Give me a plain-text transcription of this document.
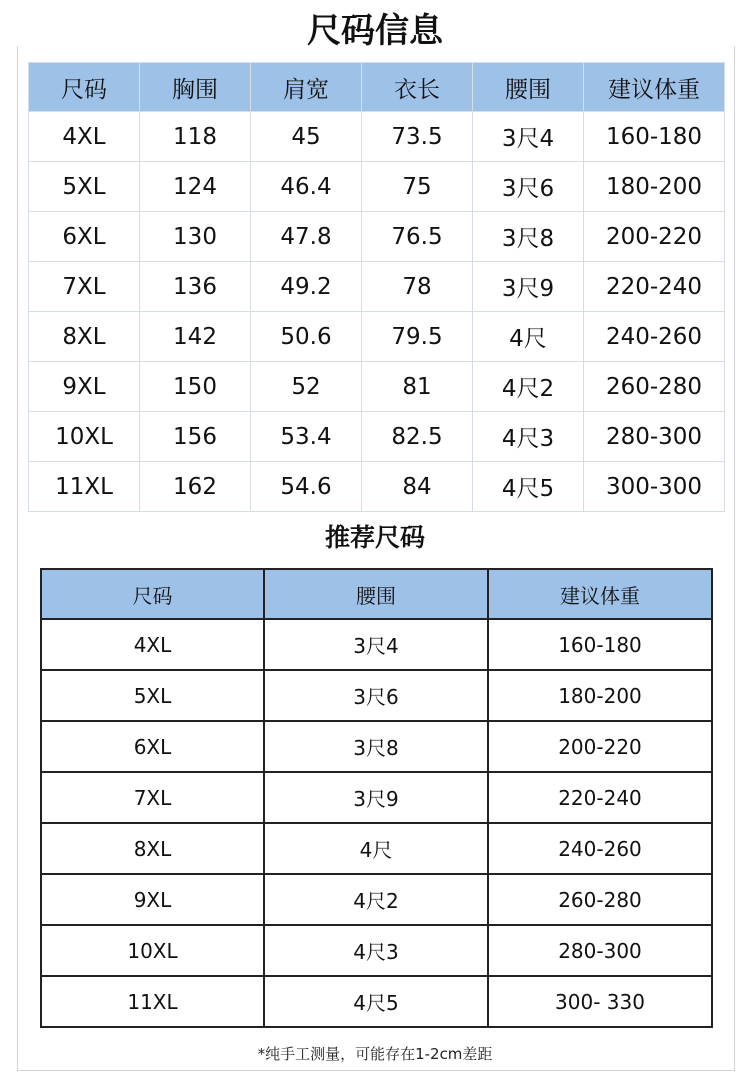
尺码信息
尺码	胸围	肩宽	衣长	腰围	建议体重
4XL	118	45	73.5	3尺4	160-180
5XL	124	46.4	75	3尺6	180-200
6XL	130	47.8	76.5	3尺8	200-220
7XL	136	49.2	78	3尺9	220-240
8XL	142	50.6	79.5	4尺	240-260
9XL	150	52	81	4尺2	260-280
10XL	156	53.4	82.5	4尺3	280-300
11XL	162	54.6	84	4尺5	300-300
推荐尺码
尺码	腰围	建议体重
4XL	3尺4	160-180
5XL	3尺6	180-200
6XL	3尺8	200-220
7XL	3尺9	220-240
8XL	4尺	240-260
9XL	4尺2	260-280
10XL	4尺3	280-300
11XL	4尺5	300- 330
*纯手工测量，可能存在1-2cm差距
